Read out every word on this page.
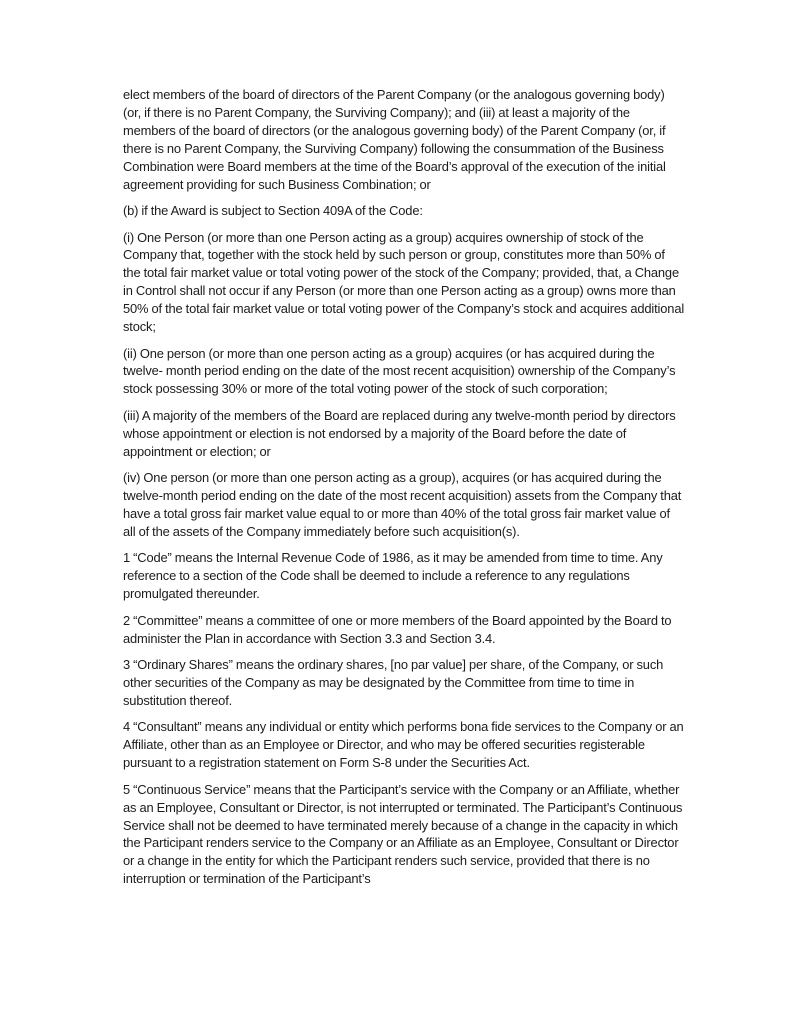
elect members of the board of directors of the Parent Company (or the analogous governing body) (or, if there is no Parent Company, the Surviving Company); and (iii) at least a majority of the members of the board of directors (or the analogous governing body) of the Parent Company (or, if there is no Parent Company, the Surviving Company) following the consummation of the Business Combination were Board members at the time of the Board’s approval of the execution of the initial agreement providing for such Business Combination; or

(b) if the Award is subject to Section 409A of the Code:

(i) One Person (or more than one Person acting as a group) acquires ownership of stock of the Company that, together with the stock held by such person or group, constitutes more than 50% of the total fair market value or total voting power of the stock of the Company; provided, that, a Change in Control shall not occur if any Person (or more than one Person acting as a group) owns more than 50% of the total fair market value or total voting power of the Company’s stock and acquires additional stock;

(ii) One person (or more than one person acting as a group) acquires (or has acquired during the twelve- month period ending on the date of the most recent acquisition) ownership of the Company’s stock possessing 30% or more of the total voting power of the stock of such corporation;

(iii) A majority of the members of the Board are replaced during any twelve-month period by directors whose appointment or election is not endorsed by a majority of the Board before the date of appointment or election; or

(iv) One person (or more than one person acting as a group), acquires (or has acquired during the twelve-month period ending on the date of the most recent acquisition) assets from the Company that have a total gross fair market value equal to or more than 40% of the total gross fair market value of all of the assets of the Company immediately before such acquisition(s).

1 “Code” means the Internal Revenue Code of 1986, as it may be amended from time to time. Any reference to a section of the Code shall be deemed to include a reference to any regulations promulgated thereunder.

2 “Committee” means a committee of one or more members of the Board appointed by the Board to administer the Plan in accordance with Section 3.3 and Section 3.4.

3 “Ordinary Shares” means the ordinary shares, [no par value] per share, of the Company, or such other securities of the Company as may be designated by the Committee from time to time in substitution thereof.

4 “Consultant” means any individual or entity which performs bona fide services to the Company or an Affiliate, other than as an Employee or Director, and who may be offered securities registerable pursuant to a registration statement on Form S-8 under the Securities Act.

5 “Continuous Service” means that the Participant’s service with the Company or an Affiliate, whether as an Employee, Consultant or Director, is not interrupted or terminated. The Participant’s Continuous Service shall not be deemed to have terminated merely because of a change in the capacity in which the Participant renders service to the Company or an Affiliate as an Employee, Consultant or Director or a change in the entity for which the Participant renders such service, provided that there is no interruption or termination of the Participant’s
